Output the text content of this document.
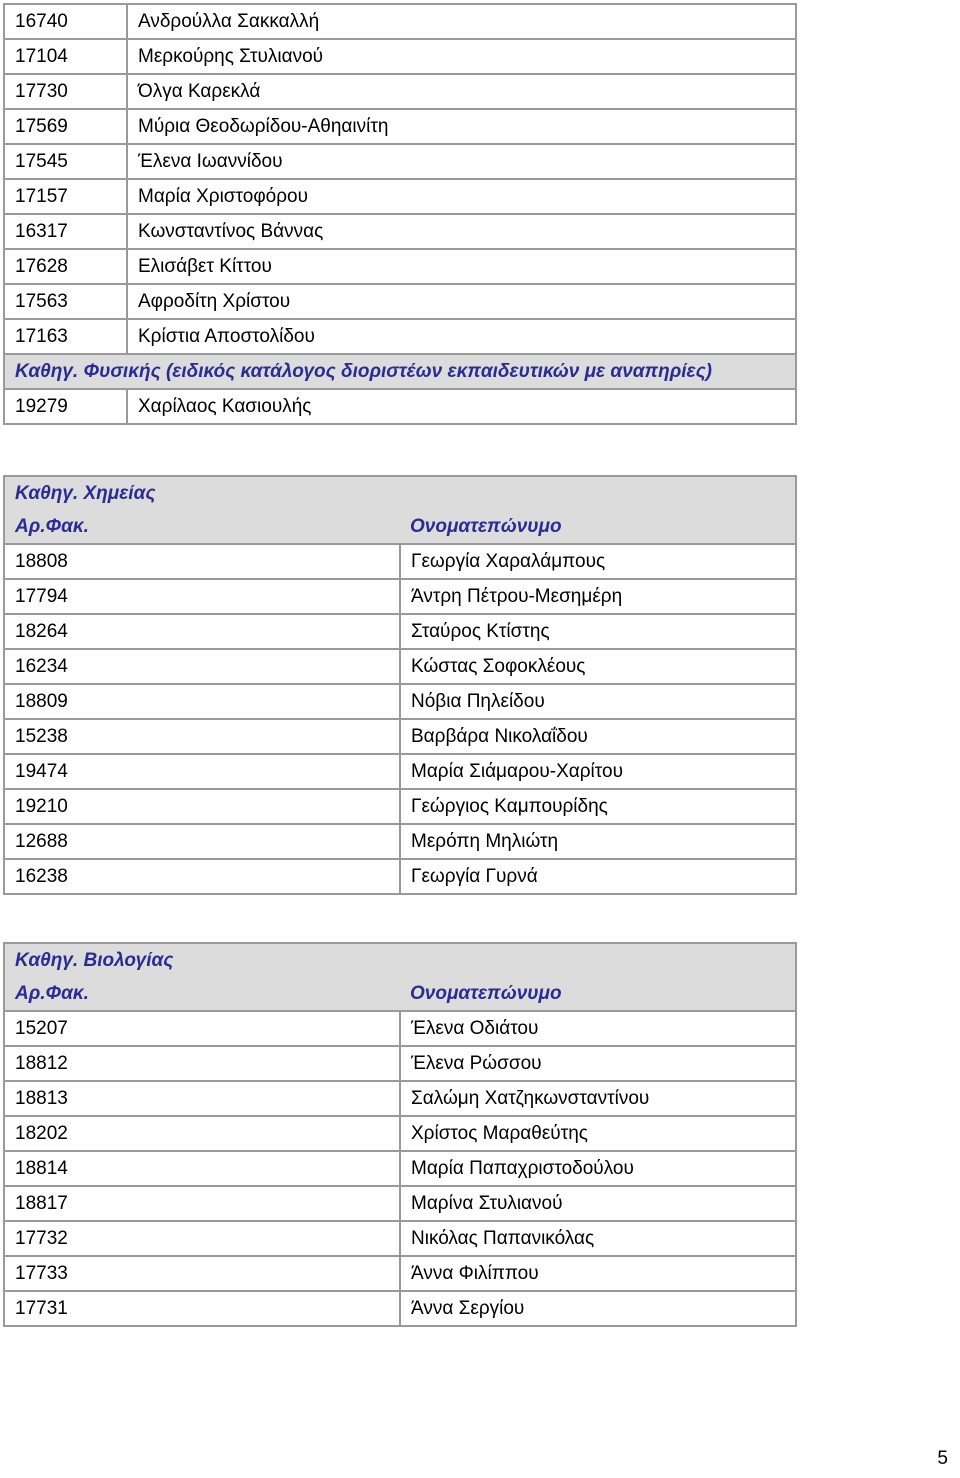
16740	Ανδρούλλα Σακκαλλή
17104	Μερκούρης Στυλιανού
17730	Όλγα Καρεκλά
17569	Μύρια Θεοδωρίδου-Αθηαινίτη
17545	Έλενα Ιωαννίδου
17157	Μαρία Χριστοφόρου
16317	Κωνσταντίνος Βάννας
17628	Ελισάβετ Κίττου
17563	Αφροδίτη Χρίστου
17163	Κρίστια Αποστολίδου
Καθηγ. Φυσικής (ειδικός κατάλογος διοριστέων εκπαιδευτικών με αναπηρίες)	
19279	Χαρίλαος Κασιουλής
Καθηγ. Χημείας	
Αρ.Φακ.	Ονοματεπώνυμο
18808	Γεωργία Χαραλάμπους
17794	Άντρη Πέτρου-Μεσημέρη
18264	Σταύρος Κτίστης
16234	Κώστας Σοφοκλέους
18809	Νόβια Πηλείδου
15238	Βαρβάρα Νικολαΐδου
19474	Μαρία Σιάμαρου-Χαρίτου
19210	Γεώργιος Καμπουρίδης
12688	Μερόπη Μηλιώτη
16238	Γεωργία Γυρνά
Καθηγ. Βιολογίας	
Αρ.Φακ.	Ονοματεπώνυμο
15207	Έλενα Οδιάτου
18812	Έλενα Ρώσσου
18813	Σαλώμη Χατζηκωνσταντίνου
18202	Χρίστος Μαραθεύτης
18814	Μαρία Παπαχριστοδούλου
18817	Μαρίνα Στυλιανού
17732	Νικόλας Παπανικόλας
17733	Άννα Φιλίππου
17731	Άννα Σεργίου
5
